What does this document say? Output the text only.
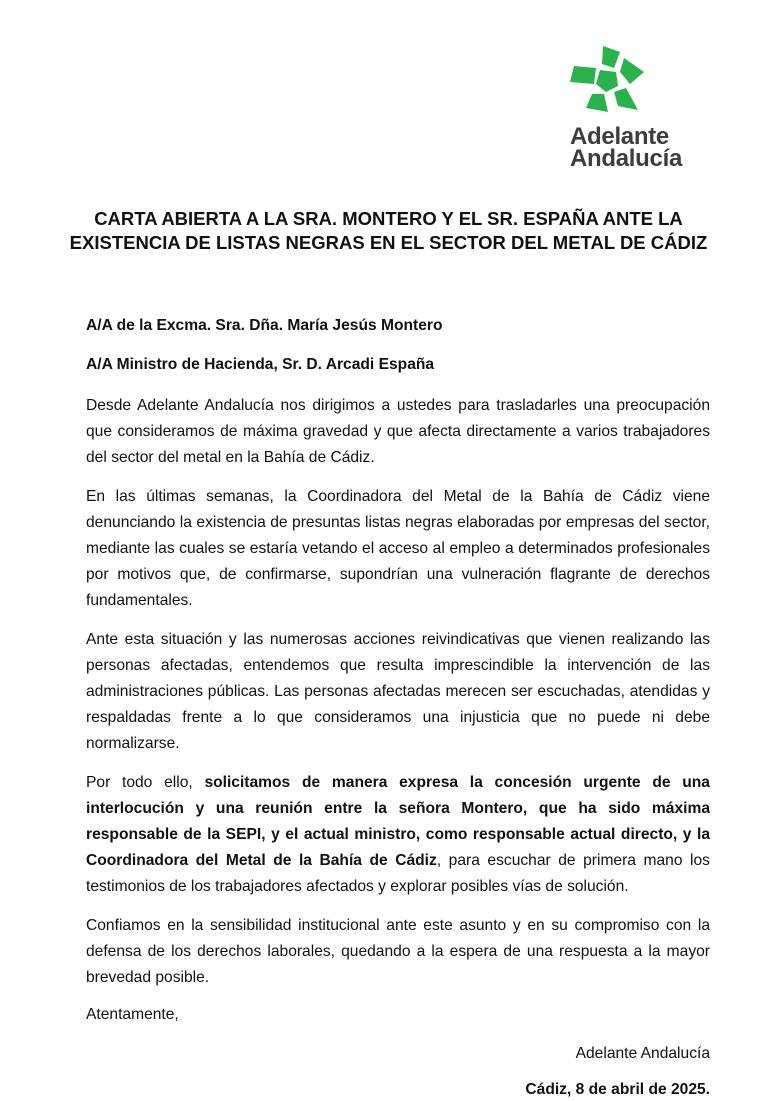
Adelante
Andalucía
CARTA ABIERTA A LA SRA. MONTERO Y EL SR. ESPAÑA ANTE LA EXISTENCIA DE LISTAS NEGRAS EN EL SECTOR DEL METAL DE CÁDIZ

A/A de la Excma. Sra. Dña. María Jesús Montero

A/A Ministro de Hacienda, Sr. D. Arcadi España

Desde Adelante Andalucía nos dirigimos a ustedes para trasladarles una preocupación que consideramos de máxima gravedad y que afecta directamente a varios trabajadores del sector del metal en la Bahía de Cádiz.

En las últimas semanas, la Coordinadora del Metal de la Bahía de Cádiz viene denunciando la existencia de presuntas listas negras elaboradas por empresas del sector, mediante las cuales se estaría vetando el acceso al empleo a determinados profesionales por motivos que, de confirmarse, supondrían una vulneración flagrante de derechos fundamentales.

Ante esta situación y las numerosas acciones reivindicativas que vienen realizando las personas afectadas, entendemos que resulta imprescindible la intervención de las administraciones públicas. Las personas afectadas merecen ser escuchadas, atendidas y respaldadas frente a lo que consideramos una injusticia que no puede ni debe normalizarse.

Por todo ello, solicitamos de manera expresa la concesión urgente de una interlocución y una reunión entre la señora Montero, que ha sido máxima responsable de la SEPI, y el actual ministro, como responsable actual directo, y la Coordinadora del Metal de la Bahía de Cádiz, para escuchar de primera mano los testimonios de los trabajadores afectados y explorar posibles vías de solución.

Confiamos en la sensibilidad institucional ante este asunto y en su compromiso con la defensa de los derechos laborales, quedando a la espera de una respuesta a la mayor brevedad posible.

Atentamente,

Adelante Andalucía

Cádiz, 8 de abril de 2025.
